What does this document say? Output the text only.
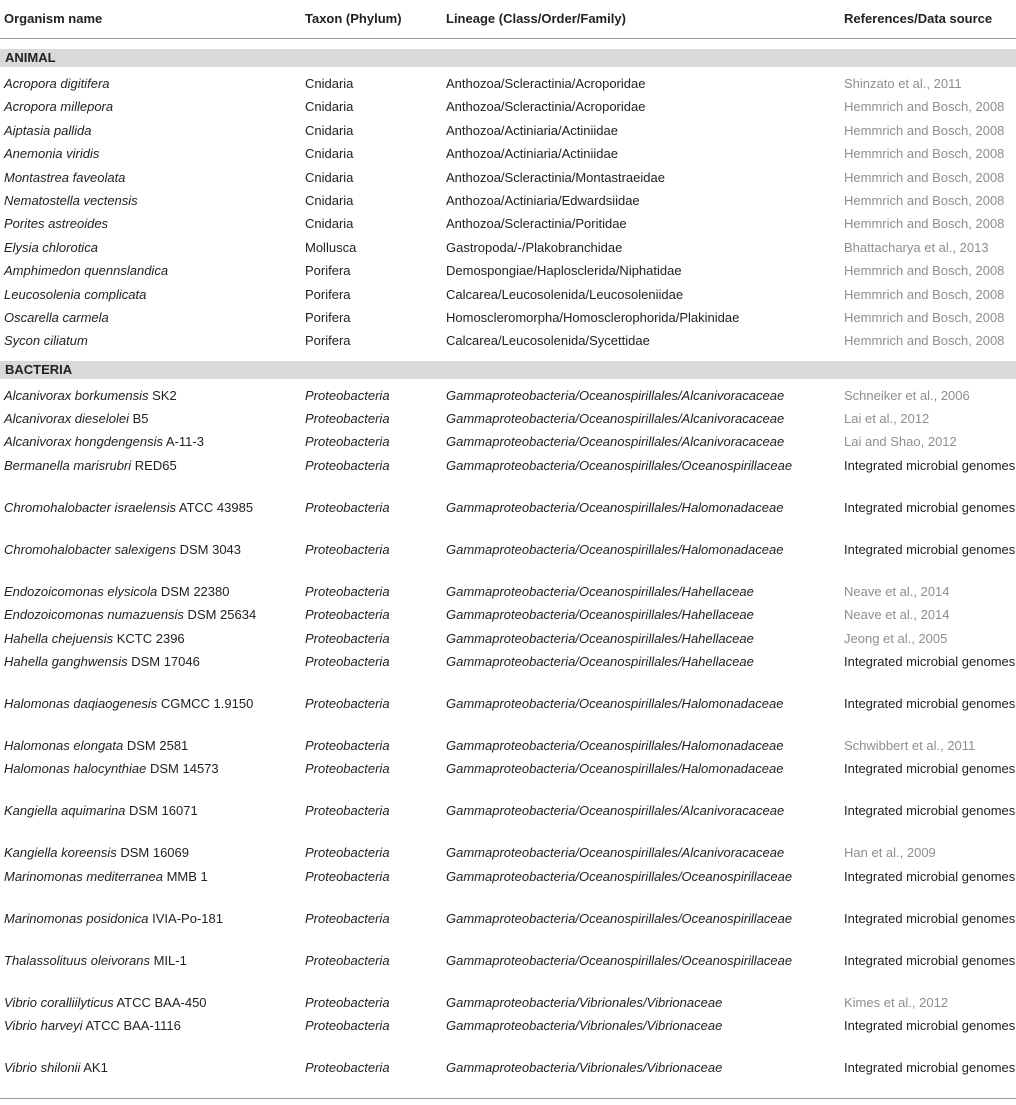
Organism name	Taxon (Phylum)	Lineage (Class/Order/Family)	References/Data source
ANIMAL
Acropora digitifera	Cnidaria	Anthozoa/Scleractinia/Acroporidae	Shinzato et al., 2011
Acropora millepora	Cnidaria	Anthozoa/Scleractinia/Acroporidae	Hemmrich and Bosch, 2008
Aiptasia pallida	Cnidaria	Anthozoa/Actiniaria/Actiniidae	Hemmrich and Bosch, 2008
Anemonia viridis	Cnidaria	Anthozoa/Actiniaria/Actiniidae	Hemmrich and Bosch, 2008
Montastrea faveolata	Cnidaria	Anthozoa/Scleractinia/Montastraeidae	Hemmrich and Bosch, 2008
Nematostella vectensis	Cnidaria	Anthozoa/Actiniaria/Edwardsiidae	Hemmrich and Bosch, 2008
Porites astreoides	Cnidaria	Anthozoa/Scleractinia/Poritidae	Hemmrich and Bosch, 2008
Elysia chlorotica	Mollusca	Gastropoda/-/Plakobranchidae	Bhattacharya et al., 2013
Amphimedon quennslandica	Porifera	Demospongiae/Haplosclerida/Niphatidae	Hemmrich and Bosch, 2008
Leucosolenia complicata	Porifera	Calcarea/Leucosolenida/Leucosoleniidae	Hemmrich and Bosch, 2008
Oscarella carmela	Porifera	Homoscleromorpha/Homosclerophorida/Plakinidae	Hemmrich and Bosch, 2008
Sycon ciliatum	Porifera	Calcarea/Leucosolenida/Sycettidae	Hemmrich and Bosch, 2008
BACTERIA
Alcanivorax borkumensis SK2	Proteobacteria	Gammaproteobacteria/Oceanospirillales/Alcanivoracaceae	Schneiker et al., 2006
Alcanivorax dieselolei B5	Proteobacteria	Gammaproteobacteria/Oceanospirillales/Alcanivoracaceae	Lai et al., 2012
Alcanivorax hongdengensis A-11-3	Proteobacteria	Gammaproteobacteria/Oceanospirillales/Alcanivoracaceae	Lai and Shao, 2012
Bermanella marisrubri RED65	Proteobacteria	Gammaproteobacteria/Oceanospirillales/Oceanospirillaceae	Integrated microbial genomes
Chromohalobacter israelensis ATCC 43985	Proteobacteria	Gammaproteobacteria/Oceanospirillales/Halomonadaceae	Integrated microbial genomes
Chromohalobacter salexigens DSM 3043	Proteobacteria	Gammaproteobacteria/Oceanospirillales/Halomonadaceae	Integrated microbial genomes
Endozoicomonas elysicola DSM 22380	Proteobacteria	Gammaproteobacteria/Oceanospirillales/Hahellaceae	Neave et al., 2014
Endozoicomonas numazuensis DSM 25634	Proteobacteria	Gammaproteobacteria/Oceanospirillales/Hahellaceae	Neave et al., 2014
Hahella chejuensis KCTC 2396	Proteobacteria	Gammaproteobacteria/Oceanospirillales/Hahellaceae	Jeong et al., 2005
Hahella ganghwensis DSM 17046	Proteobacteria	Gammaproteobacteria/Oceanospirillales/Hahellaceae	Integrated microbial genomes
Halomonas daqiaogenesis CGMCC 1.9150	Proteobacteria	Gammaproteobacteria/Oceanospirillales/Halomonadaceae	Integrated microbial genomes
Halomonas elongata DSM 2581	Proteobacteria	Gammaproteobacteria/Oceanospirillales/Halomonadaceae	Schwibbert et al., 2011
Halomonas halocynthiae DSM 14573	Proteobacteria	Gammaproteobacteria/Oceanospirillales/Halomonadaceae	Integrated microbial genomes
Kangiella aquimarina DSM 16071	Proteobacteria	Gammaproteobacteria/Oceanospirillales/Alcanivoracaceae	Integrated microbial genomes
Kangiella koreensis DSM 16069	Proteobacteria	Gammaproteobacteria/Oceanospirillales/Alcanivoracaceae	Han et al., 2009
Marinomonas mediterranea MMB 1	Proteobacteria	Gammaproteobacteria/Oceanospirillales/Oceanospirillaceae	Integrated microbial genomes
Marinomonas posidonica IVIA-Po-181	Proteobacteria	Gammaproteobacteria/Oceanospirillales/Oceanospirillaceae	Integrated microbial genomes
Thalassolituus oleivorans MIL-1	Proteobacteria	Gammaproteobacteria/Oceanospirillales/Oceanospirillaceae	Integrated microbial genomes
Vibrio coralliilyticus ATCC BAA-450	Proteobacteria	Gammaproteobacteria/Vibrionales/Vibrionaceae	Kimes et al., 2012
Vibrio harveyi ATCC BAA-1116	Proteobacteria	Gammaproteobacteria/Vibrionales/Vibrionaceae	Integrated microbial genomes
Vibrio shilonii AK1	Proteobacteria	Gammaproteobacteria/Vibrionales/Vibrionaceae	Integrated microbial genomes
